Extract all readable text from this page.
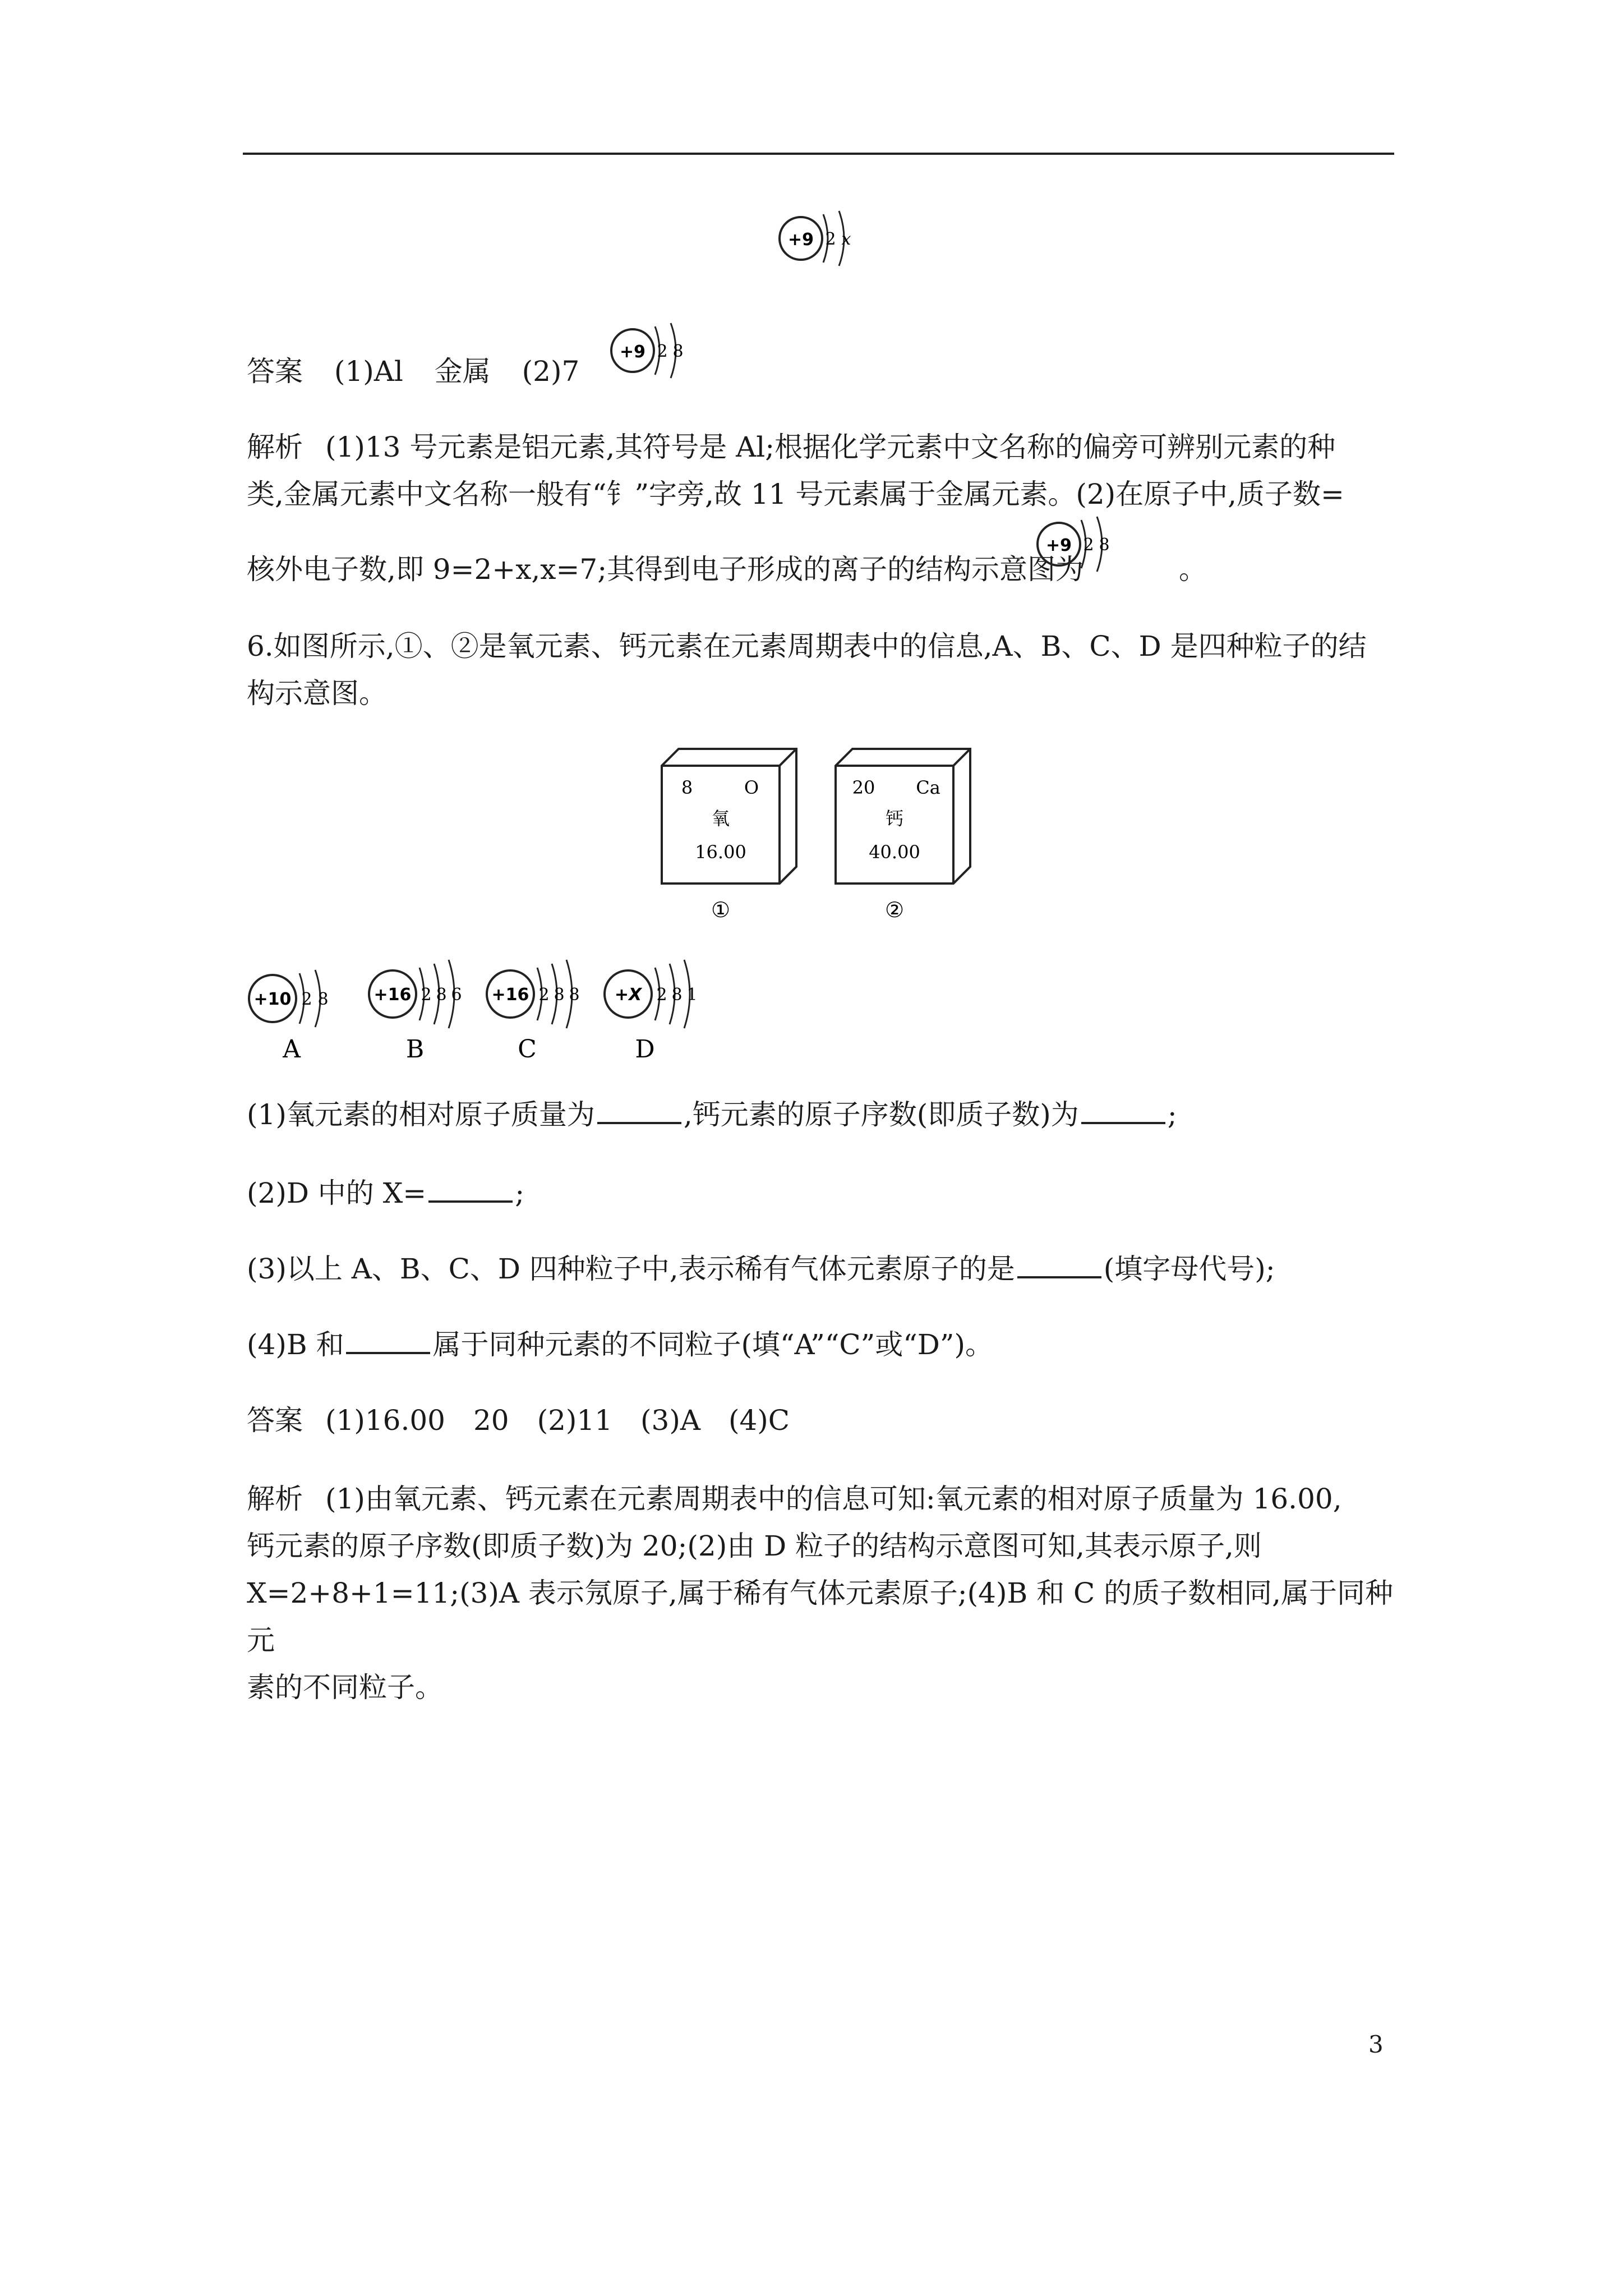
+9 2 x
答案 (1)Al 金属 (2)7
+9 2 8
解析 (1)13 号元素是铝元素,其符号是 Al;根据化学元素中文名称的偏旁可辨别元素的种
类,金属元素中文名称一般有“钅”字旁,故 11 号元素属于金属元素。(2)在原子中,质子数=
核外电子数,即 9=2+x,x=7;其得到电子形成的离子的结构示意图为	。
+9 2 8
6.如图所示,①、②是氧元素、钙元素在元素周期表中的信息,A、B、C、D 是四种粒子的结
构示意图。
8	O
氧
16.00
①
20 Ca
钙
40.00
②
+10 2 8
A
+16 2 8 6
B
+16 2 8 8
C
+X 2 8 1
D
(1)氧元素的相对原子质量为	,钙元素的原子序数(即质子数)为	;
(2)D 中的 X=	;
(3)以上 A、B、C、D 四种粒子中,表示稀有气体元素原子的是	(填字母代号);
(4)B 和	属于同种元素的不同粒子(填“A”“C”或“D”)。
答案 (1)16.00　20　(2)11　(3)A　(4)C
解析 (1)由氧元素、钙元素在元素周期表中的信息可知:氧元素的相对原子质量为 16.00,
钙元素的原子序数(即质子数)为 20;(2)由 D 粒子的结构示意图可知,其表示原子,则
X=2+8+1=11;(3)A 表示氖原子,属于稀有气体元素原子;(4)B 和 C 的质子数相同,属于同种元
素的不同粒子。
3
